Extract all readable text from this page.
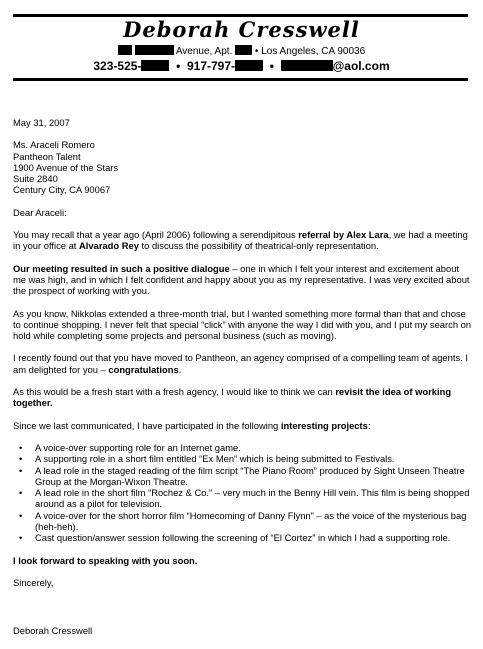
Deborah Cresswell
Avenue, Apt. • Los Angeles, CA 90036
323-525-	• 917-797-	•	@aol.com

May 31, 2007

Ms. Araceli Romero
Pantheon Talent
1900 Avenue of the Stars
Suite 2840
Century City, CA 90067

Dear Araceli:

You may recall that a year ago (April 2006) following a serendipitous referral by Alex Lara, we had a meeting in your office at Alvarado Rey to discuss the possibility of theatrical-only representation.

Our meeting resulted in such a positive dialogue – one in which I felt your interest and excitement about me was high, and in which I felt confident and happy about you as my representative. I was very excited about the prospect of working with you.

As you know, Nikkolas extended a three-month trial, but I wanted something more formal than that and chose to continue shopping. I never felt that special “click” with anyone the way I did with you, and I put my search on hold while completing some projects and personal business (such as moving).

I recently found out that you have moved to Pantheon, an agency comprised of a compelling team of agents. I am delighted for you – congratulations.

As this would be a fresh start with a fresh agency, I would like to think we can revisit the idea of working together.

Since we last communicated, I have participated in the following interesting projects:

• A voice-over supporting role for an Internet game.
• A supporting role in a short film entitled “Ex Men” which is being submitted to Festivals.
• A lead role in the staged reading of the film script “The Piano Room” produced by Sight Unseen Theatre Group at the Morgan-Wixon Theatre.
• A lead role in the short film “Rochez & Co.” – very much in the Benny Hill vein. This film is being shopped around as a pilot for television.
• A voice-over for the short horror film “Homecoming of Danny Flynn” – as the voice of the mysterious bag (heh-heh).
• Cast question/answer session following the screening of “El Cortez” in which I had a supporting role.

I look forward to speaking with you soon.

Sincerely,

Deborah Cresswell
